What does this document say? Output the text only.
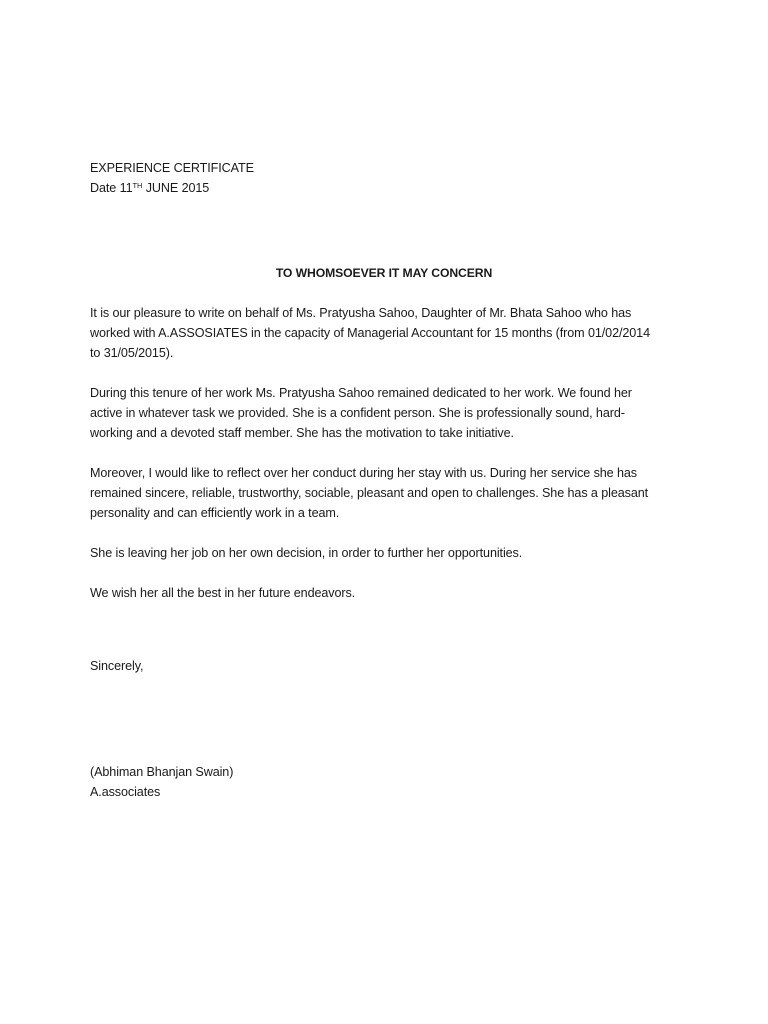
EXPERIENCE CERTIFICATE
Date 11TH JUNE 2015
TO WHOMSOEVER IT MAY CONCERN
It is our pleasure to write on behalf of Ms. Pratyusha Sahoo, Daughter of Mr. Bhata Sahoo who has
worked with A.ASSOSIATES in the capacity of Managerial Accountant for 15 months (from 01/02/2014
to 31/05/2015).
During this tenure of her work Ms. Pratyusha Sahoo remained dedicated to her work. We found her
active in whatever task we provided. She is a confident person. She is professionally sound, hard-
working and a devoted staff member. She has the motivation to take initiative.
Moreover, I would like to reflect over her conduct during her stay with us. During her service she has
remained sincere, reliable, trustworthy, sociable, pleasant and open to challenges. She has a pleasant
personality and can efficiently work in a team.
She is leaving her job on her own decision, in order to further her opportunities.
We wish her all the best in her future endeavors.
Sincerely,
(Abhiman Bhanjan Swain)
A.associates
